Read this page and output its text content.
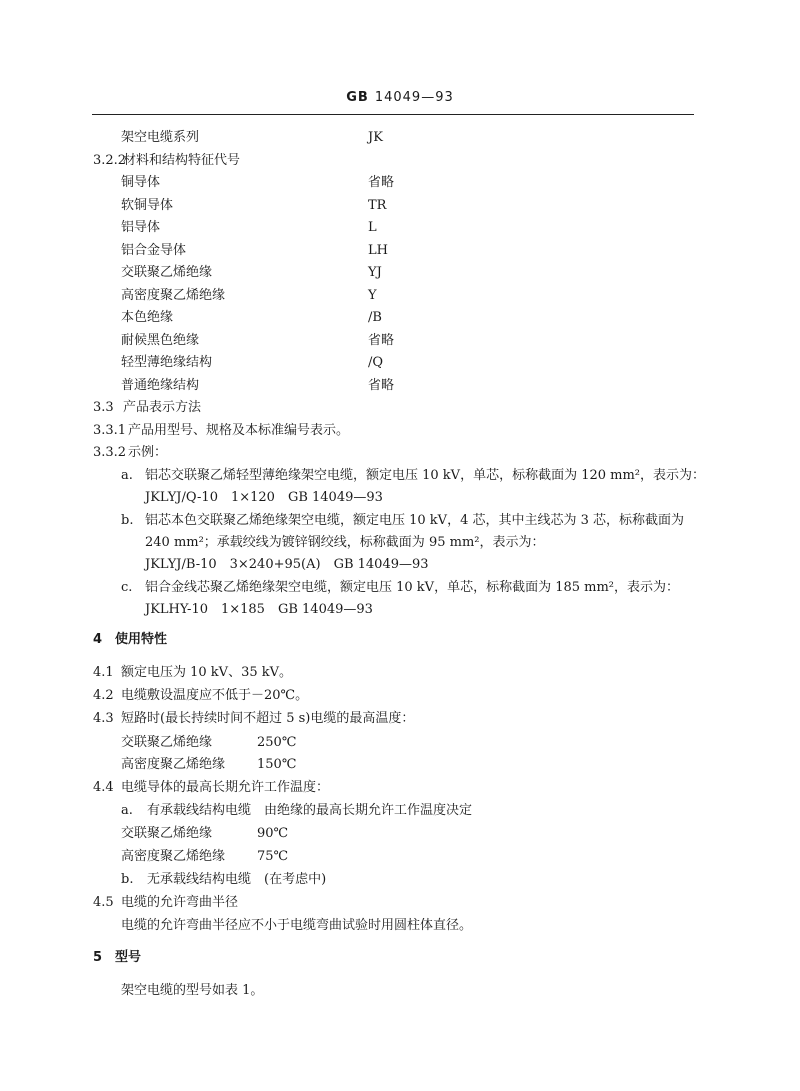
GB 14049—93
架空电缆系列	JK
3.2.2材料和结构特征代号
铜导体	省略
软铜导体	TR
铝导体	L
铝合金导体	LH
交联聚乙烯绝缘	YJ
高密度聚乙烯绝缘	Y
本色绝缘	/B
耐候黑色绝缘	省略
轻型薄绝缘结构	/Q
普通绝缘结构	省略
3.3 产品表示方法
3.3.1 产品用型号、规格及本标准编号表示。
3.3.2 示例：
a. 铝芯交联聚乙烯轻型薄绝缘架空电缆，额定电压 10 kV，单芯，标称截面为 120 mm²，表示为：
JKLYJ/Q-10　1×120　GB 14049—93
b. 铝芯本色交联聚乙烯绝缘架空电缆，额定电压 10 kV，4 芯，其中主线芯为 3 芯，标称截面为
240 mm²；承载绞线为镀锌钢绞线，标称截面为 95 mm²，表示为：
JKLYJ/B-10　3×240+95(A)　GB 14049—93
c. 铝合金线芯聚乙烯绝缘架空电缆，额定电压 10 kV，单芯，标称截面为 185 mm²，表示为：
JKLHY-10　1×185　GB 14049—93
4 使用特性
4.1 额定电压为 10 kV、35 kV。
4.2 电缆敷设温度应不低于－20℃。
4.3 短路时(最长持续时间不超过 5 s)电缆的最高温度：
交联聚乙烯绝缘	250℃
高密度聚乙烯绝缘 150℃
4.4 电缆导体的最高长期允许工作温度：
a. 有承载线结构电缆　由绝缘的最高长期允许工作温度决定
交联聚乙烯绝缘	90℃
高密度聚乙烯绝缘 75℃
b. 无承载线结构电缆　(在考虑中)
4.5 电缆的允许弯曲半径
电缆的允许弯曲半径应不小于电缆弯曲试验时用圆柱体直径。
5 型号
架空电缆的型号如表 1。
